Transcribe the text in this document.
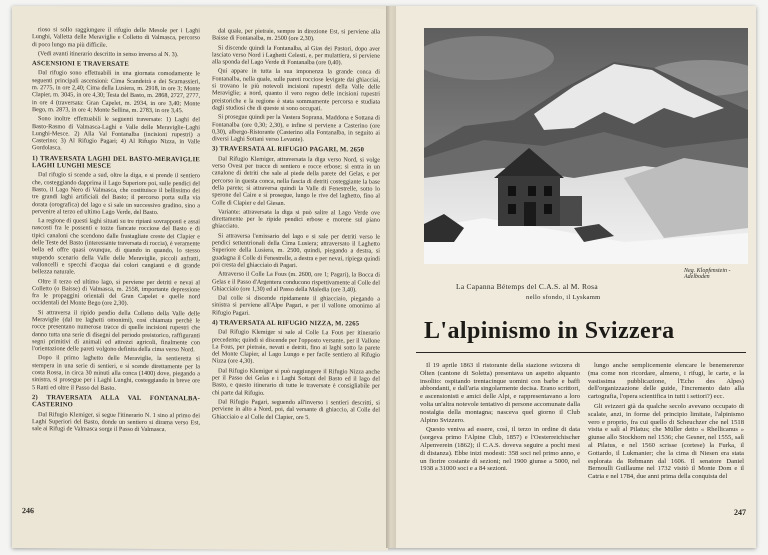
rioso si sollo raggiungere il rifugio delle Mesole per i Laghi Lunghi, Valletta delle Meraviglie e Colletto di Valmasca, percorso di poco lungo ma più difficile.

(Vedi avanti itinerario descritto in senso inverso al N. 3).

ASCENSIONI E TRAVERSATE

Dal rifugio sono effettuabili in una giornata comodamente le seguenti principali ascensioni: Cima Scandeirà e dei Scarnassieri, m. 2775, in ore 2,40; Cima della Lusiera, m. 2918, in ore 3; Monte Clapier, m. 3045, in ore 4,30; Testa del Basto, m. 2868, 2727, 2777, in ore 4 (traversata: Gran Capelet, m. 2934, in ore 3,40; Monte Bego, m. 2873, in ore 4; Monte Sellina, m. 2783, in ore 3,45.

Sono inoltre effettuabili le seguenti traversate: 1) Laghi del Basto-Rasmo di Valmasca-Laghi e Valle delle Meraviglie-Laghi Lunghi-Mesce. 2) Alla Val Fontanalba (incisioni rupestri) a Casterino; 3) Al Rifugio Pagari; 4) Al Rifugio Nizza, in Valle Gordolasca.

1) TRAVERSATA LAGHI DEL BASTO-MERAVIGLIE LAGHI LUNGHI MESCE

Dal rifugio si scende a sud, oltre la diga, e si prende il sentiero che, costeggiando dapprima il Lago Superiore poi, sulle pendici del Basto, il Lago Nero di Valmasca, che costituisce il bellissimo dei tre grandi laghi artificiali del Basto; il percorso porta sulla via dorata (orografica) del lago e si sale un successivo gradino, sino a pervenire al terzo ed ultimo Lago Verde, del Basto.

La regione di questi laghi situati su tre ripiani sovrapposti e assai nascosti fra le possenti e tozze fiancate rocciose del Basto e di tipici canaloni che scendono dalle frastagliate creste dei Clapier e delle Teste del Basto (interessante traversata di roccia), è veramente bella ed offre quasi ovunque, di quando in quando, lo stesso stupendo scenario della Valle delle Meraviglie, piccoli anfratti, valloncelli e specchi d'acqua dai colori cangianti e di grande bellezza naturale.

Oltre il terzo ed ultimo lago, si perviene per detriti e nevai al Colletto (o Baisse) di Valmasca, m. 2558, importante depressione fra le propaggini orientali del Gran Capelet e quelle nord occidentali del Monte Bego (ore 2,30).

Si attraversa il ripido pendio della Colletto della Valle delle Meraviglie (dal tre laghetti omonimi), così chiamata perchè le rocce presentano numerose tracce di quelle incisioni rupestri che danno tutta una serie di disegni del periodo preistorico, raffiguranti segni primitivi di animali ed attrezzi agricoli, finalmente con l'orientazione delle pareti volgono definita della cima verso Nord.

Dopo il primo laghetto delle Meraviglie, la sentieretta si stempera in una serie di sentieri, e si scende direttamente per la costa Rossa, in circa 30 minuti alla conca (1400) dove, piegando a sinistra, si prosegue per i Laghi Lunghi, costeggiando in breve ore 5 Ratti ed oltre il Passo del Basto.

2) TRAVERSATA ALLA VAL FONTANALBA-CASTERINO

Dal Rifugio Klemiger, si segue l'itinerario N. 1 sino al primo dei Laghi Superiori del Basto, donde un sentiero si dirama verso Est, sale ai Rifugi de Valmasca sorge il Passo di Valmasca.

dal quale, per pietraie, sempre in direzione Est, si perviene alla Baisse di Fontanalba, m. 2500 (ore 2,30).

Si discende quindi la Fontanalba, al Gias dei Pastori, dopo aver lasciato verso Nord i Laghetti Celesti, e, per mulattiera, si perviene alla sponda del Lago Verde di Fontanalba (ore 0,40).

Qui appare in tutta la sua imponenza la grande conca di Fontanalba, nella quale, sulle pareti rocciose levigate dai ghiacciai, si trovano le più notevoli incisioni rupestri della Valle delle Meraviglie; a nord, quanto il vero regno delle incisioni rupestri preistoriche e la regione è stata sommamente percorsa e studiata dagli studiosi che di queste si sono occupati.

Si prosegue quindi per la Vastera Soprana, Maddona e Sottana di Fontanalba (ore 0,30; 2,30), e infine si perviene a Casterino (ore 0,30), albergo-Ristorante (Casterino alla Fontanalba, in seguito ai diversi Laghi Sottani verso Levante).

3) TRAVERSATA AL RIFUGIO PAGARI, M. 2650

Dal Rifugio Klemiger, attraversata la diga verso Nord, si volge verso Ovest per tracce di sentiero e rocce erbose; si entra in un canalone di detriti che sale al piede della parete del Gelas, e per percorso in questa conca, nella fascia di detriti costeggiante la base della parete; si attraversa quindi la Valle di Fenestrelle, sotto lo sperone del Caire e si prosegue, lungo le rive del laghetto, fino al Colle di Clapier e del Giesan.

Variante: attraversata la diga si può salire al Lago Verde ove direttamente per le ripide pendici erbose e morene sul piano ghiacciato.

Si attraversa l'emissario del lago e si sale per detriti verso le pendici settentrionali della Cima Lusiera; attraversato il Laghetto Superiore della Lusiera, m. 2500, quindi, piegando a destra, si guadagna il Colle di Fenestrelle, a destra e per nevai, ripiega quindi poi cresta del ghiacciaio di Pagari.

Attraverso il Colle La Fous (m. 2600, ore 1; Pagari), la Bocca di Gelas e il Passo d'Argentera conducono rispettivamente al Colle del Ghiacciaio (ore 1,30) ed al Passo della Maledia (ore 3,40).

Dal colle si discende ripidamente il ghiacciaio, piegando a sinistra si perviene all'Alpe Pagari, e per il vallone omonimo al Rifugio Pagari.

4) TRAVERSATA AL RIFUGIO NIZZA, M. 2265

Dal Rifugio Klemiger si sale al Colle La Fous per itinerario precedente; quindi si discende per l'opposto versante, per il Vallone La Fous, per pietraie, nevati e detriti, fino ai laghi sotto la parete del Monte Clapier, al Lago Lungo e per facile sentiero al Rifugio Nizza (ore 4,30).

Dal Rifugio Klemiger si può raggiungere il Rifugio Nizza anche per il Passo dei Gelas e i Laghi Sottani del Basto ed il lago del Basto, e questo itinerario di tutte le traversate è consigliabile per chi parte dal Rifugio.

Dal Rifugio Pagari, seguendo all'inverso i sentieri descritti, si perviene in alto a Nord, poi, dal versante di ghiaccio, al Colle del Ghiacciaio e al Colle del Clapier, ore 5.

246
Neg. Klopfenstein - Adelboden
La Capanna Bétemps del C.A.S. al M. Rosa
nello sfondo, il Lyskamm
L'alpinismo in Svizzera

Il 19 aprile 1863 il ristorante della stazione svizzera di Olten (cantone di Soletta) presentava un aspetto alquanto insolito: ospitando trentacinque uomini con barbe e baffi abbondanti, e dall'aria singolarmente decisa. Erano scrittori, e ascensionisti e amici delle Alpi, e rappresentavano a loro volta un'altra notevole tentativo di persone accomunate dalla nostalgia della montagna; nasceva quel giorno il Club Alpino Svizzero.

Questo veniva ad essere, così, il terzo in ordine di data (sorgeva primo l'Alpine Club, 1857) e l'Oesterreichischer Alpenverein (1862); il C.A.S. doveva seguire a pochi mesi di distanza). Ebbe inizi modesti: 358 soci nel primo anno, e un fiorire costante di sezioni; nel 1900 giunse a 5000, nel 1938 a 31000 soci e a 84 sezioni.

lungo anche semplicemente elencare le benemerenze (ma come non ricordare, almeno, i rifugi, le carte, e la vastissima pubblicazione, l'Echo des Alpes) dell'organizzazione delle guide, l'incremento dato alla cartografia, l'opera scientifica in tutti i settori?) ecc.

Gli svizzeri già da qualche secolo avevano occupato di scalate, anzi, in forme del principio limitate, l'alpinismo vero e proprio, fra cui quello di Scheuchzer che nel 1518 visita e salì al Pilatus; che Müller detto « Rhellicanus » giunse allo Stockhorn nel 1536; che Gesner, nel 1555, salì al Pilatus, e nel 1560 scrisse (cortese) la Furka, il Gottardo, il Lukmanier; che la cima di Niesen era stata esplorata da Rebmann dal 1606. Il senatore Daniel Bernoulli Guillaume nel 1732 visitò il Monte Dom e il Catria e nel 1784, due anni prima della conquista del

247
